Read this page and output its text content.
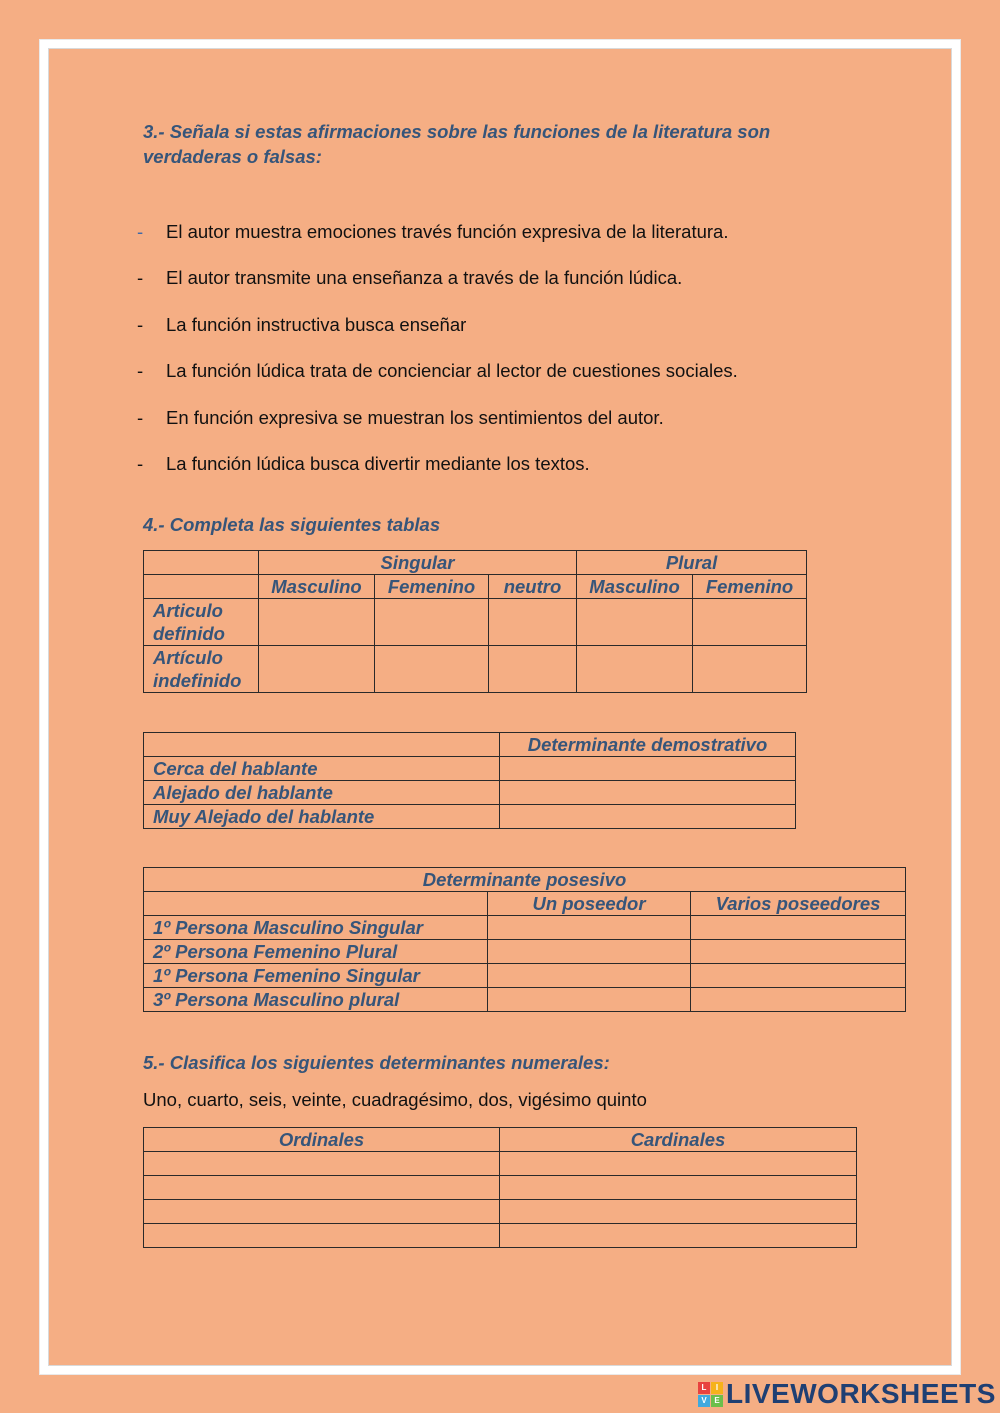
3.- Señala si estas afirmaciones sobre las funciones de la literatura son
verdaderas o falsas:
- El autor muestra emociones través función expresiva de la literatura.
- El autor transmite una enseñanza a través de la función lúdica.
- La función instructiva busca enseñar
- La función lúdica trata de concienciar al lector de cuestiones sociales.
- En función expresiva se muestran los sentimientos del autor.
- La función lúdica busca divertir mediante los textos.
4.- Completa las siguientes tablas
	Singular			Plural	
	Masculino	Femenino	neutro	Masculino	Femenino

Articulo
definido					

Artículo
indefinido					

	Determinante demostrativo
Cerca del hablante	
Alejado del hablante	
Muy Alejado del hablante	
Determinante posesivo		
	Un poseedor	Varios poseedores
1º Persona Masculino Singular		
2º Persona Femenino Plural		
1º Persona Femenino Singular		
3º Persona Masculino plural		
5.- Clasifica los siguientes determinantes numerales:
Uno, cuarto, seis, veinte, cuadragésimo, dos, vigésimo quinto
Ordinales	Cardinales

L	I
V E LIVEWORKSHEETS
